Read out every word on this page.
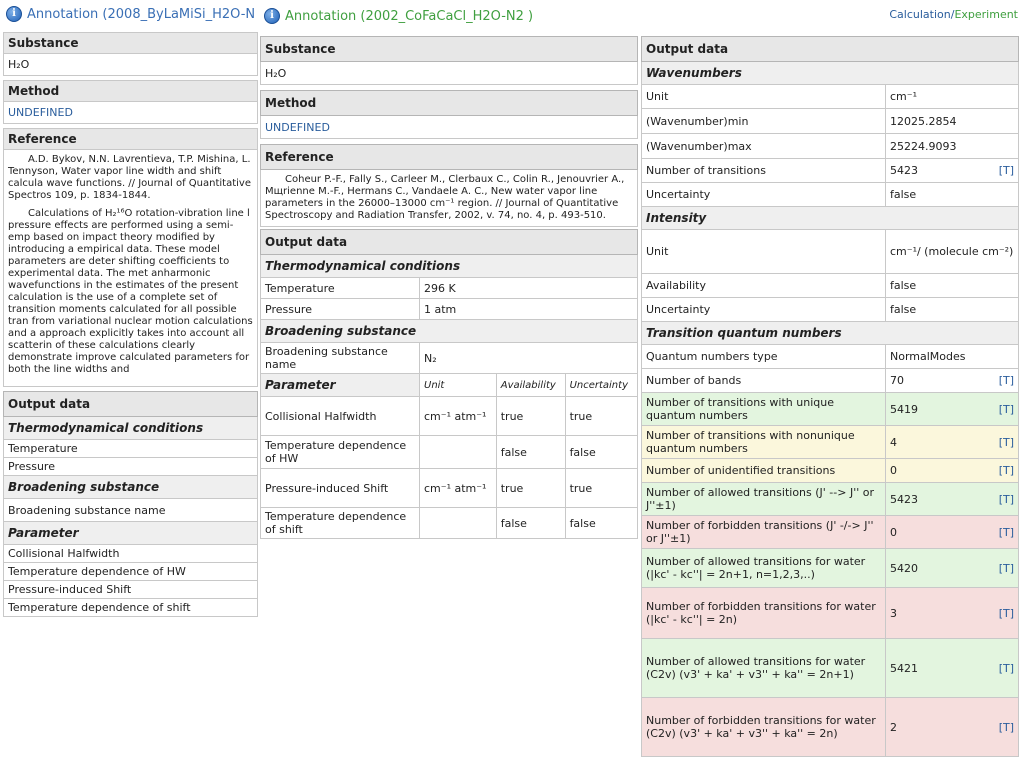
i Annotation ( 2008_ByLaMiSi_H2O-N
Substance
H₂O
Method
UNDEFINED
Reference

A.D. Bykov, N.N. Lavrentieva, T.P. Mishina, L. Tennyson, Water vapor line width and shift calcula wave functions. // Journal of Quantitative Spectros 109, p. 1834-1844.

Calculations of H₂¹⁶O rotation-vibration line l pressure effects are performed using a semi-emp based on impact theory modified by introducing a empirical data. These model parameters are deter shifting coefficients to experimental data. The met anharmonic wavefunctions in the estimates of the present calculation is the use of a complete set of transition moments calculated for all possible tran from variational nuclear motion calculations and a approach explicitly takes into account all scatterin of these calculations clearly demonstrate improve calculated parameters for both the line widths and

Output data
Thermodynamical conditions
Temperature
Pressure
Broadening substance
Broadening substance name
Parameter
Collisional Halfwidth
Temperature dependence of HW
Pressure-induced Shift
Temperature dependence of shift
i Annotation ( 2002_CoFaCaCl_H2O-N2 )
Substance
H₂O
Method
UNDEFINED
Reference
Coheur P.-F., Fally S., Carleer M., Clerbaux C., Colin R., Jenouvrier A., Мщrienne M.-F., Hermans C., Vandaele A. C., New water vapor line parameters in the 26000–13000 cm⁻¹ region. // Journal of Quantitative Spectroscopy and Radiation Transfer, 2002, v. 74, no. 4, p. 493-510.
Output data			
Thermodynamical conditions			
Temperature	296 K		
Pressure	1 atm		
Broadening substance			
Broadening substance name	N₂		
Parameter	Unit	Availability	Uncertainty
Collisional Halfwidth	cm⁻¹ atm⁻¹	true	true
Temperature dependence of HW		false	false
Pressure-induced Shift	cm⁻¹ atm⁻¹	true	true
Temperature dependence of shift		false	false
Calculation/Experiment
Output data	
Wavenumbers	
Unit	cm⁻¹
(Wavenumber)min	12025.2854
(Wavenumber)max	25224.9093
Number of transitions	5423 [T]

Uncertainty	false
Intensity	
Unit	cm⁻¹/ (molecule cm⁻²)
Availability	false
Uncertainty	false
Transition quantum numbers	
Quantum numbers type	NormalModes
Number of bands	70 [T]

Number of transitions with unique quantum numbers	5419 [T]

Number of transitions with nonunique quantum numbers	4 [T]

Number of unidentified transitions	0 [T]

Number of allowed transitions (J' --> J'' or J''±1)	5423 [T]

Number of forbidden transitions (J' -/-> J'' or J''±1)	0 [T]

Number of allowed transitions for water (|kc' - kc''| = 2n+1, n=1,2,3,..)	5420 [T]

Number of forbidden transitions for water (|kc' - kc''| = 2n)	3 [T]

Number of allowed transitions for water (C2v) (v3' + ka' + v3'' + ka'' = 2n+1)	5421 [T]

Number of forbidden transitions for water (C2v) (v3' + ka' + v3'' + ka'' = 2n)	2 [T]
